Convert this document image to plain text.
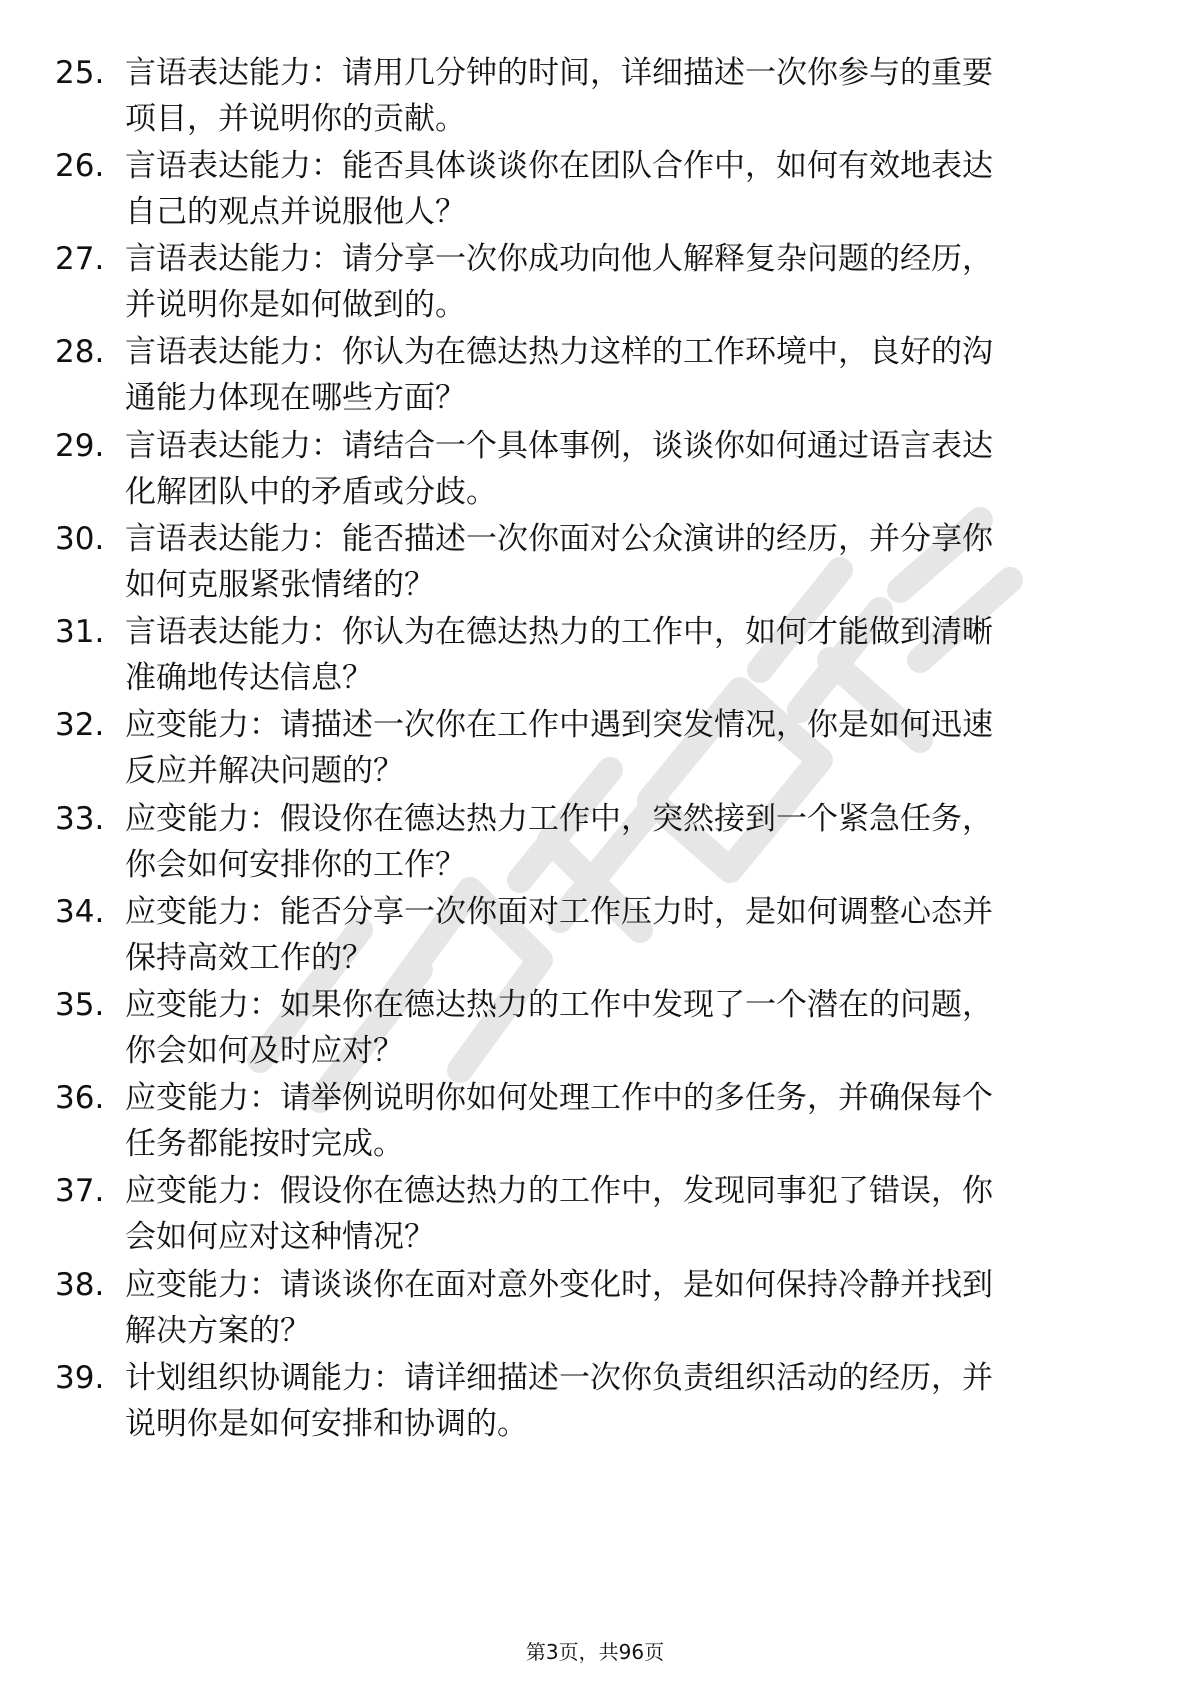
25. 言语表达能力：请用几分钟的时间，详细描述一次你参与的重要
项目，并说明你的贡献。
26. 言语表达能力：能否具体谈谈你在团队合作中，如何有效地表达
自己的观点并说服他人？
27. 言语表达能力：请分享一次你成功向他人解释复杂问题的经历，
并说明你是如何做到的。
28. 言语表达能力：你认为在德达热力这样的工作环境中，良好的沟
通能力体现在哪些方面？
29. 言语表达能力：请结合一个具体事例，谈谈你如何通过语言表达
化解团队中的矛盾或分歧。
30. 言语表达能力：能否描述一次你面对公众演讲的经历，并分享你
如何克服紧张情绪的？
31. 言语表达能力：你认为在德达热力的工作中，如何才能做到清晰
准确地传达信息？
32. 应变能力：请描述一次你在工作中遇到突发情况，你是如何迅速
反应并解决问题的？
33. 应变能力：假设你在德达热力工作中，突然接到一个紧急任务，
你会如何安排你的工作？
34. 应变能力：能否分享一次你面对工作压力时，是如何调整心态并
保持高效工作的？
35. 应变能力：如果你在德达热力的工作中发现了一个潜在的问题，
你会如何及时应对？
36. 应变能力：请举例说明你如何处理工作中的多任务，并确保每个
任务都能按时完成。
37. 应变能力：假设你在德达热力的工作中，发现同事犯了错误，你
会如何应对这种情况？
38. 应变能力：请谈谈你在面对意外变化时，是如何保持冷静并找到
解决方案的？
39. 计划组织协调能力：请详细描述一次你负责组织活动的经历，并
说明你是如何安排和协调的。
第3页，共96页
